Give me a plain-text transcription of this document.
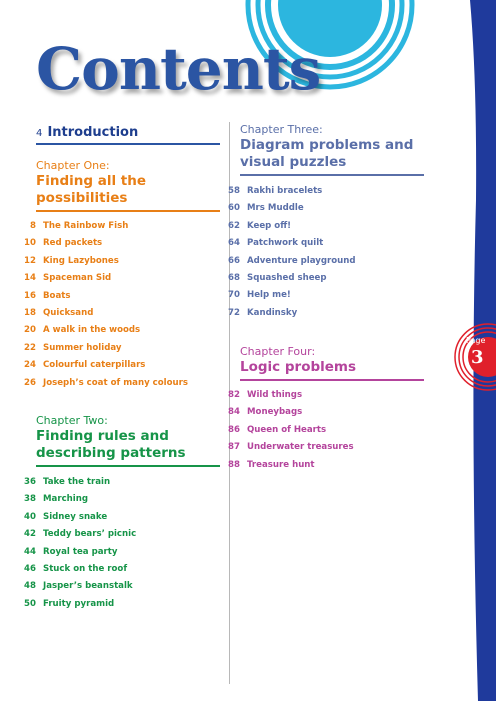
Contents
4 Introduction
Chapter One:
Finding all the
possibilities
8 The Rainbow Fish
10 Red packets
12 King Lazybones
14 Spaceman Sid
16 Boats
18 Quicksand
20 A walk in the woods
22 Summer holiday
24 Colourful caterpillars
26 Joseph’s coat of many colours
Chapter Two:
Finding rules and
describing patterns
36 Take the train
38 Marching
40 Sidney snake
42 Teddy bears’ picnic
44 Royal tea party
46 Stuck on the roof
48 Jasper’s beanstalk
50 Fruity pyramid
Chapter Three:
Diagram problems and
visual puzzles
58 Rakhi bracelets
60 Mrs Muddle
62 Keep off!
64 Patchwork quilt
66 Adventure playground
68 Squashed sheep
70 Help me!
72 Kandinsky
Chapter Four:
Logic problems
82 Wild things
84 Moneybags
86 Queen of Hearts
87 Underwater treasures
88 Treasure hunt
Page
3
